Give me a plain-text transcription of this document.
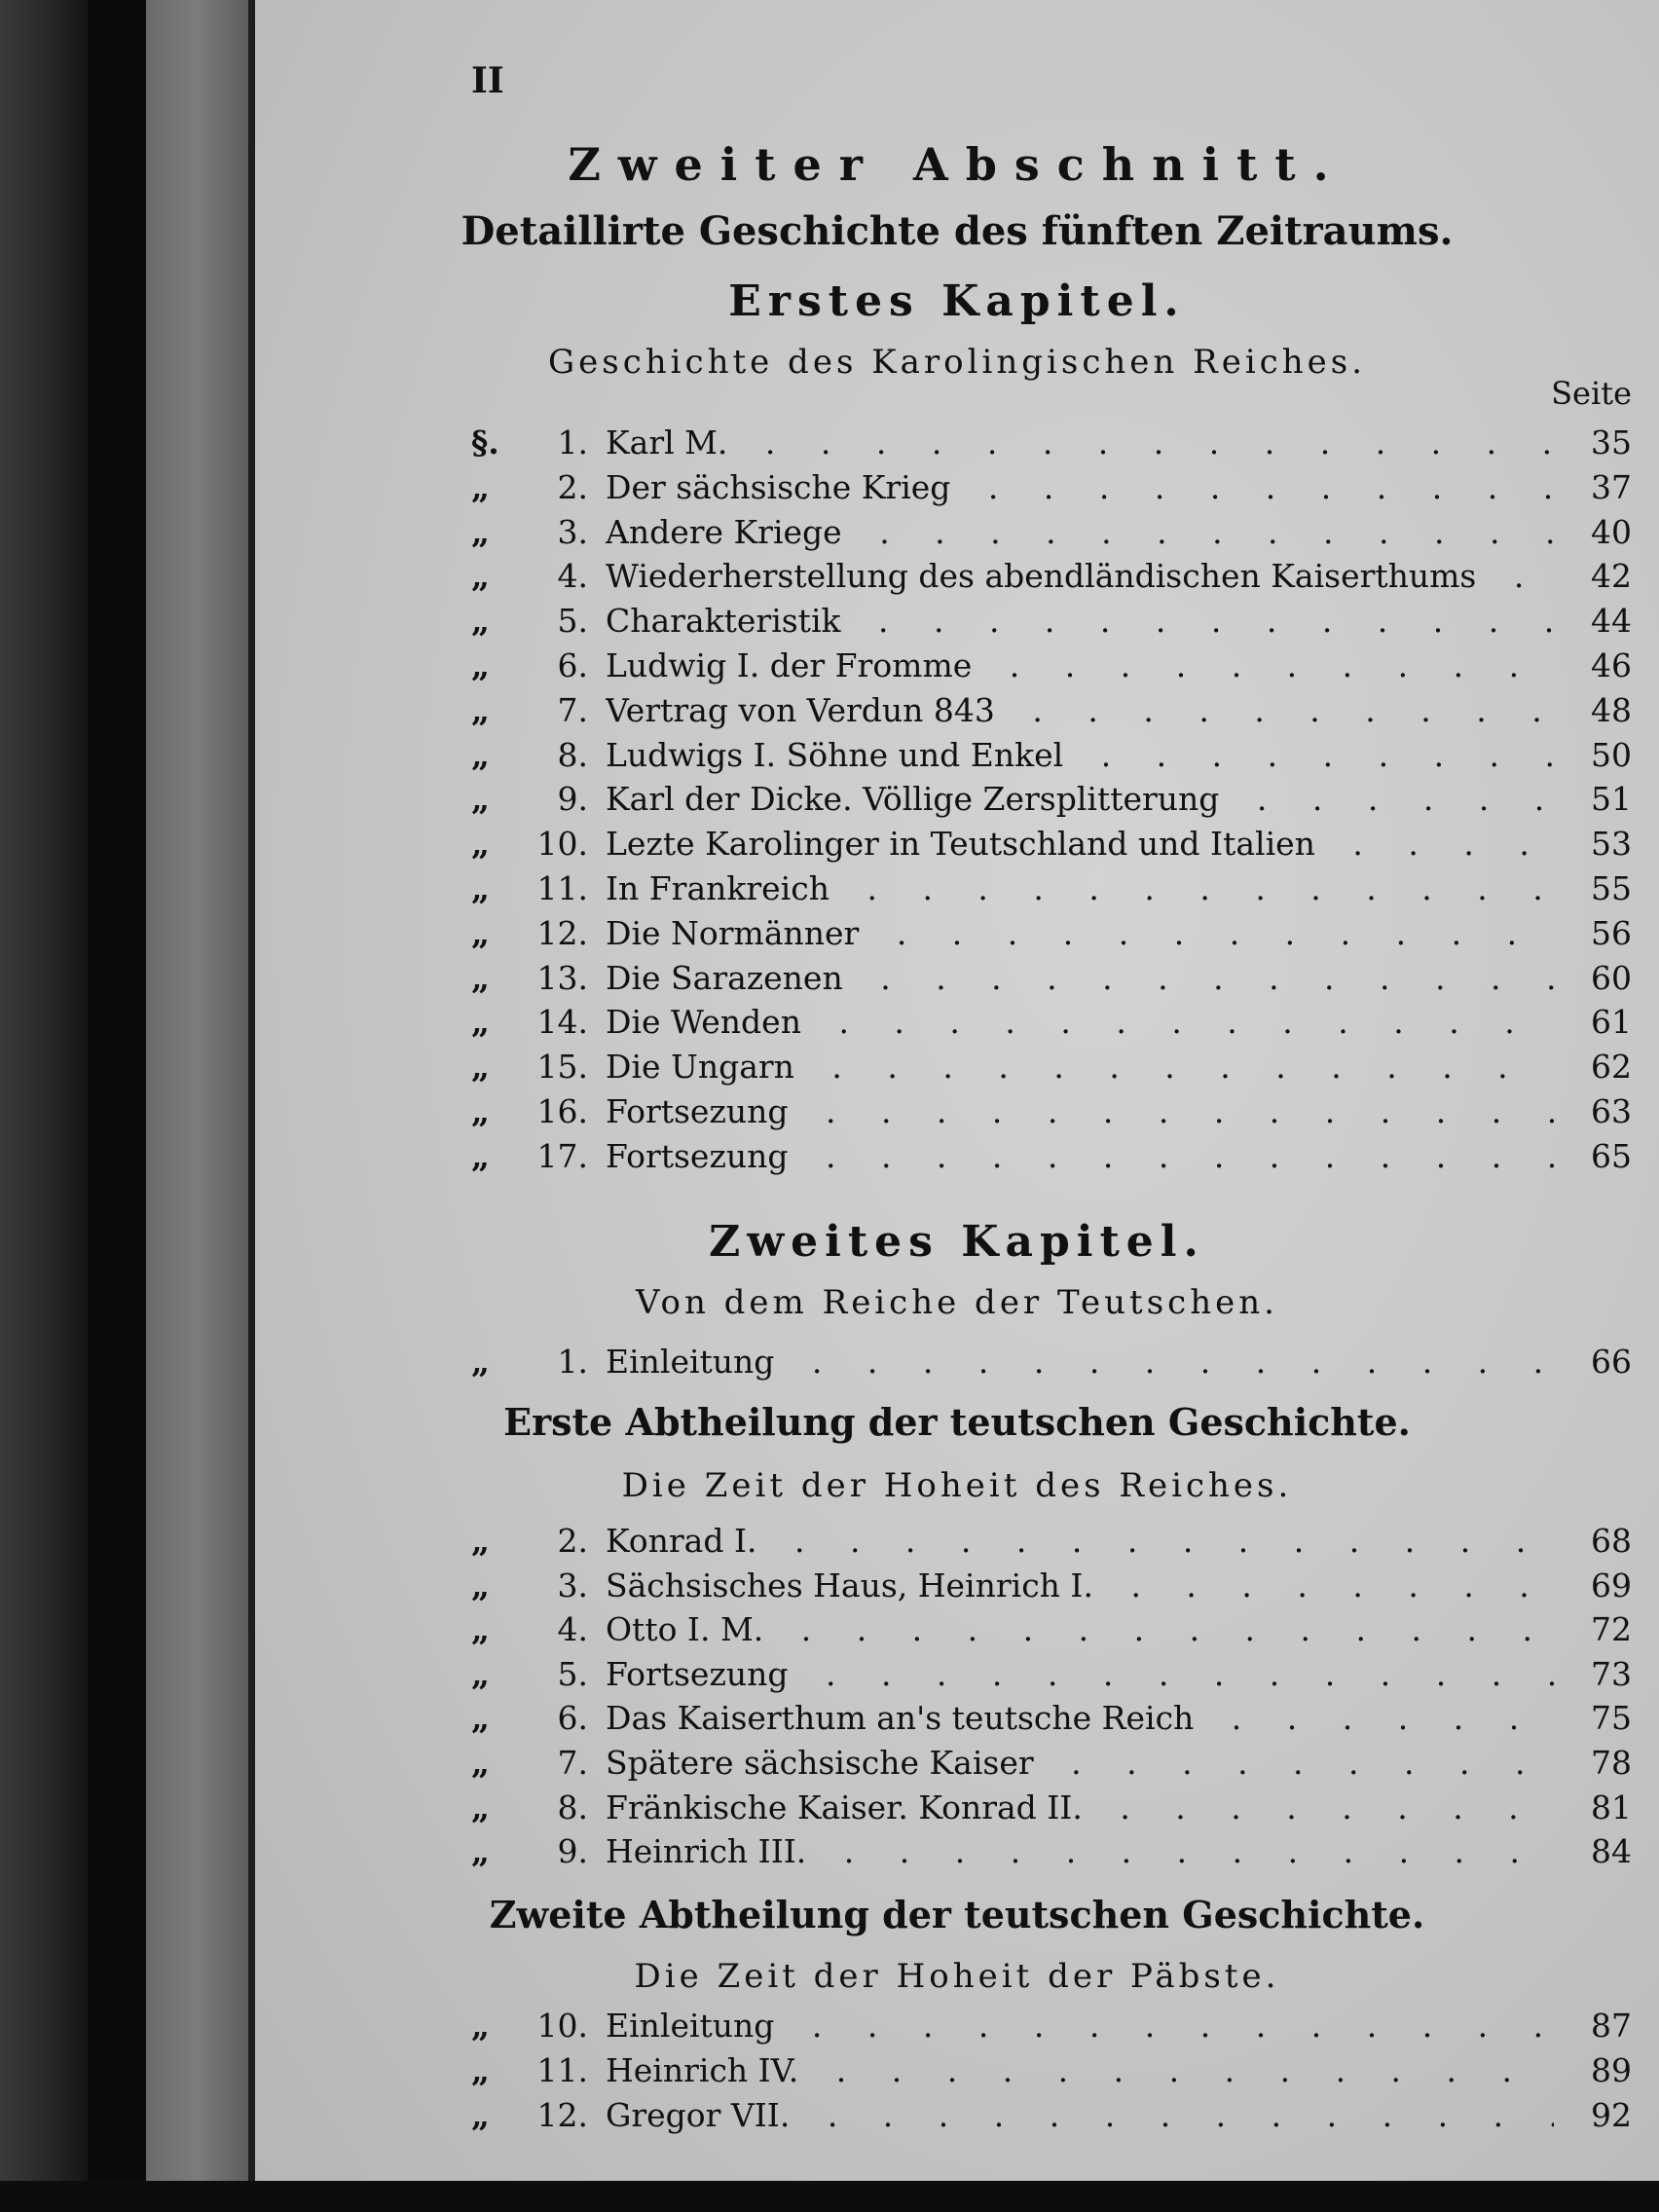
II
Zweiter Abschnitt.
Detaillirte Geschichte des fünften Zeitraums.
Erstes Kapitel.
Geschichte des Karolingischen Reiches.
Seite
§.	1. Karl M. . .	35
„	2. Der sächsische Krieg . .	37
„	3. Andere Kriege . .	40
„	4. Wiederherstellung des abendländischen Kaiserthums . .	42
„	5. Charakteristik . .	44
„	6. Ludwig I. der Fromme . .	46
„	7. Vertrag von Verdun 843 . .	48
„	8. Ludwigs I. Söhne und Enkel . .	50
„	9. Karl der Dicke. Völlige Zersplitterung . .	51
„	10. Lezte Karolinger in Teutschland und Italien . .	53
„	11. In Frankreich . .	55
„	12. Die Normänner . .	56
„	13. Die Sarazenen . .	60
„	14. Die Wenden . .	61
„	15. Die Ungarn . .	62
„	16. Fortsezung . .	63
„	17. Fortsezung . .	65
Zweites Kapitel.
Von dem Reiche der Teutschen.
„	1. Einleitung . .	66
Erste Abtheilung der teutschen Geschichte.
Die Zeit der Hoheit des Reiches.
„	2. Konrad I. . .	68
„	3. Sächsisches Haus, Heinrich I. . .	69
„	4. Otto I. M. . .	72
„	5. Fortsezung . .	73
„	6. Das Kaiserthum an's teutsche Reich . .	75
„	7. Spätere sächsische Kaiser . .	78
„	8. Fränkische Kaiser. Konrad II. . .	81
„	9. Heinrich III. . .	84
Zweite Abtheilung der teutschen Geschichte.
Die Zeit der Hoheit der Päbste.
„	10. Einleitung . .	87
„	11. Heinrich IV. . .	89
„	12. Gregor VII. . .	92
